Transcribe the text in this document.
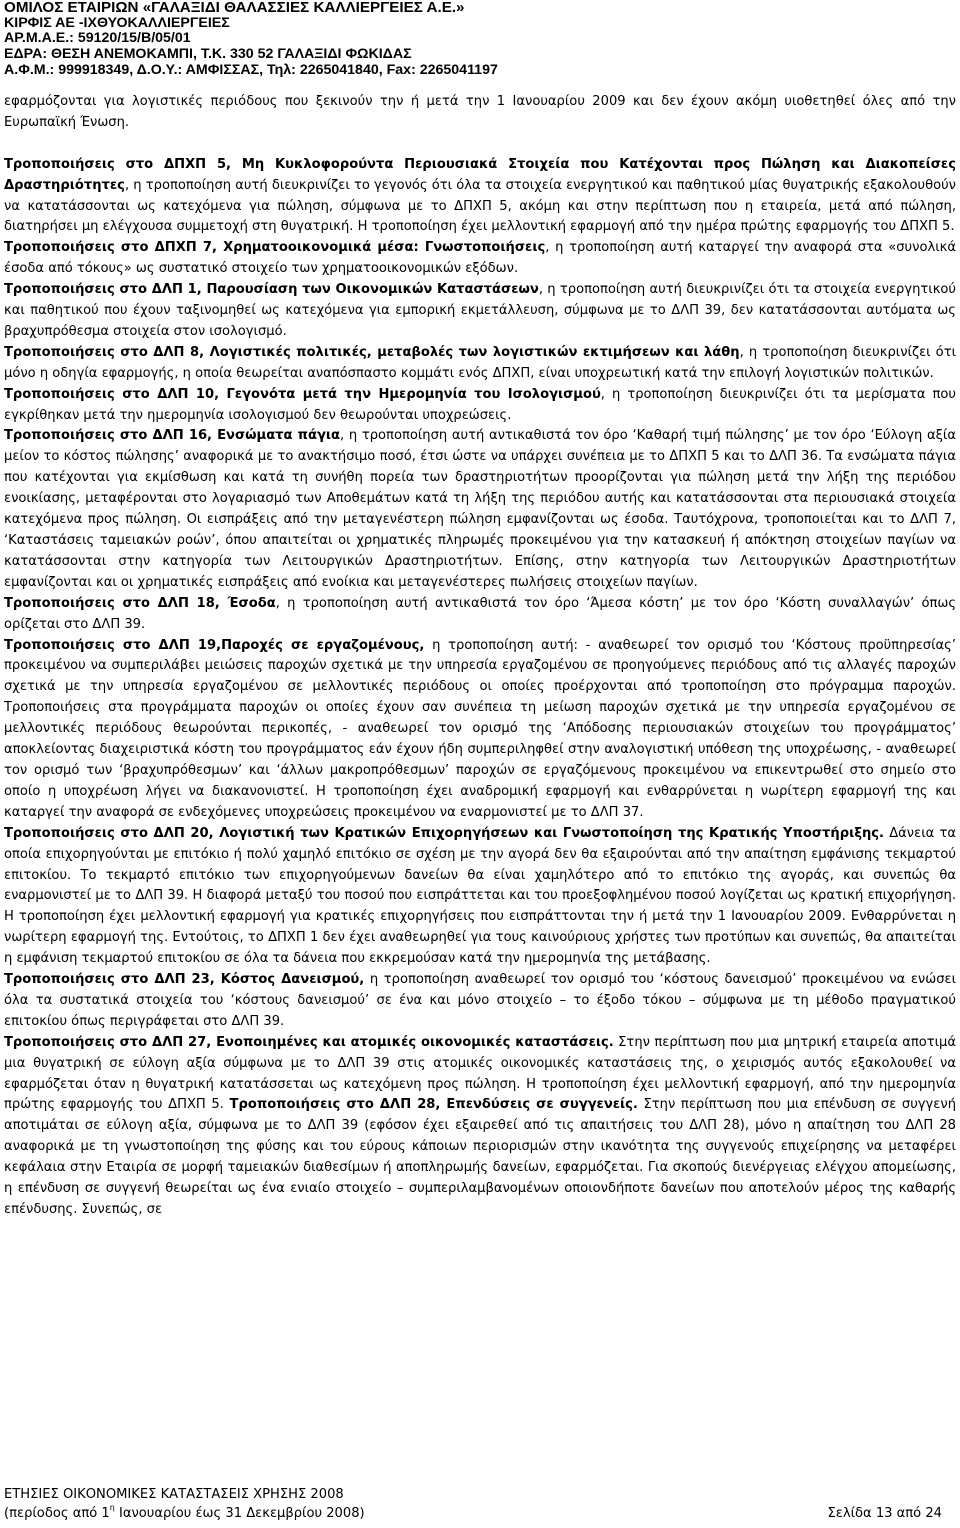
ΟΜΙΛΟΣ ΕΤΑΙΡΙΩΝ «ΓΑΛΑΞΙΔΙ ΘΑΛΑΣΣΙΕΣ ΚΑΛΛΙΕΡΓΕΙΕΣ Α.Ε.»
ΚΙΡΦΙΣ ΑΕ -ΙΧΘΥΟΚΑΛΛΙΕΡΓΕΙΕΣ
ΑΡ.Μ.Α.Ε.: 59120/15/Β/05/01
ΕΔΡΑ: ΘΕΣΗ ΑΝΕΜΟΚΑΜΠΙ, Τ.Κ. 330 52 ΓΑΛΑΞΙΔΙ ΦΩΚΙΔΑΣ
Α.Φ.Μ.: 999918349, Δ.Ο.Υ.: ΑΜΦΙΣΣΑΣ, Τηλ: 2265041840, Fax: 2265041197

εφαρμόζονται για λογιστικές περιόδους που ξεκινούν την ή μετά την 1 Ιανουαρίου 2009 και δεν έχουν ακόμη υιοθετηθεί όλες από την Ευρωπαϊκή Ένωση.

Τροποποιήσεις στο ΔΠΧΠ 5, Μη Κυκλοφορούντα Περιουσιακά Στοιχεία που Κατέχονται προς Πώληση και Διακοπείσες Δραστηριότητες, η τροποποίηση αυτή διευκρινίζει το γεγονός ότι όλα τα στοιχεία ενεργητικού και παθητικού μίας θυγατρικής εξακολουθούν να κατατάσσονται ως κατεχόμενα για πώληση, σύμφωνα με το ΔΠΧΠ 5, ακόμη και στην περίπτωση που η εταιρεία, μετά από πώληση, διατηρήσει μη ελέγχουσα συμμετοχή στη θυγατρική. Η τροποποίηση έχει μελλοντική εφαρμογή από την ημέρα πρώτης εφαρμογής του ΔΠΧΠ 5.

Τροποποιήσεις στο ΔΠΧΠ 7, Χρηματοοικονομικά μέσα: Γνωστοποιήσεις, η τροποποίηση αυτή καταργεί την αναφορά στα «συνολικά έσοδα από τόκους» ως συστατικό στοιχείο των χρηματοοικονομικών εξόδων.

Τροποποιήσεις στο ΔΛΠ 1, Παρουσίαση των Οικονομικών Καταστάσεων, η τροποποίηση αυτή διευκρινίζει ότι τα στοιχεία ενεργητικού και παθητικού που έχουν ταξινομηθεί ως κατεχόμενα για εμπορική εκμετάλλευση, σύμφωνα με το ΔΛΠ 39, δεν κατατάσσονται αυτόματα ως βραχυπρόθεσμα στοιχεία στον ισολογισμό.

Τροποποιήσεις στο ΔΛΠ 8, Λογιστικές πολιτικές, μεταβολές των λογιστικών εκτιμήσεων και λάθη, η τροποποίηση διευκρινίζει ότι μόνο η οδηγία εφαρμογής, η οποία θεωρείται αναπόσπαστο κομμάτι ενός ΔΠΧΠ, είναι υποχρεωτική κατά την επιλογή λογιστικών πολιτικών.

Τροποποιήσεις στο ΔΛΠ 10, Γεγονότα μετά την Ημερομηνία του Ισολογισμού, η τροποποίηση διευκρινίζει ότι τα μερίσματα που εγκρίθηκαν μετά την ημερομηνία ισολογισμού δεν θεωρούνται υποχρεώσεις.

Τροποποιήσεις στο ΔΛΠ 16, Ενσώματα πάγια, η τροποποίηση αυτή αντικαθιστά τον όρο ‘Καθαρή τιμή πώλησης’ με τον όρο ‘Εύλογη αξία μείον το κόστος πώλησης’ αναφορικά με το ανακτήσιμο ποσό, έτσι ώστε να υπάρχει συνέπεια με το ΔΠΧΠ 5 και το ΔΛΠ 36. Τα ενσώματα πάγια που κατέχονται για εκμίσθωση και κατά τη συνήθη πορεία των δραστηριοτήτων προορίζονται για πώληση μετά την λήξη της περιόδου ενοικίασης, μεταφέρονται στο λογαριασμό των Αποθεμάτων κατά τη λήξη της περιόδου αυτής και κατατάσσονται στα περιουσιακά στοιχεία κατεχόμενα προς πώληση. Οι εισπράξεις από την μεταγενέστερη πώληση εμφανίζονται ως έσοδα. Ταυτόχρονα, τροποποιείται και το ΔΛΠ 7, ‘Καταστάσεις ταμειακών ροών’, όπου απαιτείται οι χρηματικές πληρωμές προκειμένου για την κατασκευή ή απόκτηση στοιχείων παγίων να κατατάσσονται στην κατηγορία των Λειτουργικών Δραστηριοτήτων. Επίσης, στην κατηγορία των Λειτουργικών Δραστηριοτήτων εμφανίζονται και οι χρηματικές εισπράξεις από ενοίκια και μεταγενέστερες πωλήσεις στοιχείων παγίων.

Τροποποιήσεις στο ΔΛΠ 18, Έσοδα, η τροποποίηση αυτή αντικαθιστά τον όρο ‘Άμεσα κόστη’ με τον όρο ‘Κόστη συναλλαγών’ όπως ορίζεται στο ΔΛΠ 39.

Τροποποιήσεις στο ΔΛΠ 19,Παροχές σε εργαζομένους, η τροποποίηση αυτή: - αναθεωρεί τον ορισμό του ‘Κόστους προϋπηρεσίας’ προκειμένου να συμπεριλάβει μειώσεις παροχών σχετικά με την υπηρεσία εργαζομένου σε προηγούμενες περιόδους από τις αλλαγές παροχών σχετικά με την υπηρεσία εργαζομένου σε μελλοντικές περιόδους οι οποίες προέρχονται από τροποποίηση στο πρόγραμμα παροχών. Τροποποιήσεις στα προγράμματα παροχών οι οποίες έχουν σαν συνέπεια τη μείωση παροχών σχετικά με την υπηρεσία εργαζομένου σε μελλοντικές περιόδους θεωρούνται περικοπές, - αναθεωρεί τον ορισμό της ‘Απόδοσης περιουσιακών στοιχείων του προγράμματος’ αποκλείοντας διαχειριστικά κόστη του προγράμματος εάν έχουν ήδη συμπεριληφθεί στην αναλογιστική υπόθεση της υποχρέωσης, - αναθεωρεί τον ορισμό των ‘βραχυπρόθεσμων’ και ‘άλλων μακροπρόθεσμων’ παροχών σε εργαζόμενους προκειμένου να επικεντρωθεί στο σημείο στο οποίο η υποχρέωση λήγει να διακανονιστεί. Η τροποποίηση έχει αναδρομική εφαρμογή και ενθαρρύνεται η νωρίτερη εφαρμογή της και καταργεί την αναφορά σε ενδεχόμενες υποχρεώσεις προκειμένου να εναρμονιστεί με το ΔΛΠ 37.

Τροποποιήσεις στο ΔΛΠ 20, Λογιστική των Κρατικών Επιχορηγήσεων και Γνωστοποίηση της Κρατικής Υποστήριξης. Δάνεια τα οποία επιχορηγούνται με επιτόκιο ή πολύ χαμηλό επιτόκιο σε σχέση με την αγορά δεν θα εξαιρούνται από την απαίτηση εμφάνισης τεκμαρτού επιτοκίου. Το τεκμαρτό επιτόκιο των επιχορηγούμενων δανείων θα είναι χαμηλότερο από το επιτόκιο της αγοράς, και συνεπώς θα εναρμονιστεί με το ΔΛΠ 39. Η διαφορά μεταξύ του ποσού που εισπράττεται και του προεξοφλημένου ποσού λογίζεται ως κρατική επιχορήγηση. Η τροποποίηση έχει μελλοντική εφαρμογή για κρατικές επιχορηγήσεις που εισπράττονται την ή μετά την 1 Ιανουαρίου 2009. Ενθαρρύνεται η νωρίτερη εφαρμογή της. Εντούτοις, το ΔΠΧΠ 1 δεν έχει αναθεωρηθεί για τους καινούριους χρήστες των προτύπων και συνεπώς, θα απαιτείται η εμφάνιση τεκμαρτού επιτοκίου σε όλα τα δάνεια που εκκρεμούσαν κατά την ημερομηνία της μετάβασης.

Τροποποιήσεις στο ΔΛΠ 23, Κόστος Δανεισμού, η τροποποίηση αναθεωρεί τον ορισμό του ‘κόστους δανεισμού’ προκειμένου να ενώσει όλα τα συστατικά στοιχεία του ‘κόστους δανεισμού’ σε ένα και μόνο στοιχείο – το έξοδο τόκου – σύμφωνα με τη μέθοδο πραγματικού επιτοκίου όπως περιγράφεται στο ΔΛΠ 39.

Τροποποιήσεις στο ΔΛΠ 27, Ενοποιημένες και ατομικές οικονομικές καταστάσεις. Στην περίπτωση που μια μητρική εταιρεία αποτιμά μια θυγατρική σε εύλογη αξία σύμφωνα με το ΔΛΠ 39 στις ατομικές οικονομικές καταστάσεις της, ο χειρισμός αυτός εξακολουθεί να εφαρμόζεται όταν η θυγατρική κατατάσσεται ως κατεχόμενη προς πώληση. Η τροποποίηση έχει μελλοντική εφαρμογή, από την ημερομηνία πρώτης εφαρμογής του ΔΠΧΠ 5. Τροποποιήσεις στο ΔΛΠ 28, Επενδύσεις σε συγγενείς. Στην περίπτωση που μια επένδυση σε συγγενή αποτιμάται σε εύλογη αξία, σύμφωνα με το ΔΛΠ 39 (εφόσον έχει εξαιρεθεί από τις απαιτήσεις του ΔΛΠ 28), μόνο η απαίτηση του ΔΛΠ 28 αναφορικά με τη γνωστοποίηση της φύσης και του εύρους κάποιων περιορισμών στην ικανότητα της συγγενούς επιχείρησης να μεταφέρει κεφάλαια στην Εταιρία σε μορφή ταμειακών διαθεσίμων ή αποπληρωμής δανείων, εφαρμόζεται. Για σκοπούς διενέργειας ελέγχου απομείωσης, η επένδυση σε συγγενή θεωρείται ως ένα ενιαίο στοιχείο – συμπεριλαμβανομένων οποιονδήποτε δανείων που αποτελούν μέρος της καθαρής επένδυσης. Συνεπώς, σε

ΕΤΗΣΙΕΣ ΟΙΚΟΝΟΜΙΚΕΣ ΚΑΤΑΣΤΑΣΕΙΣ ΧΡΗΣΗΣ 2008
(περίοδος από $1^\eta$ Ιανουαρίου έως 31 Δεκεμβρίου 2008)	Σελίδα 13 από 24
